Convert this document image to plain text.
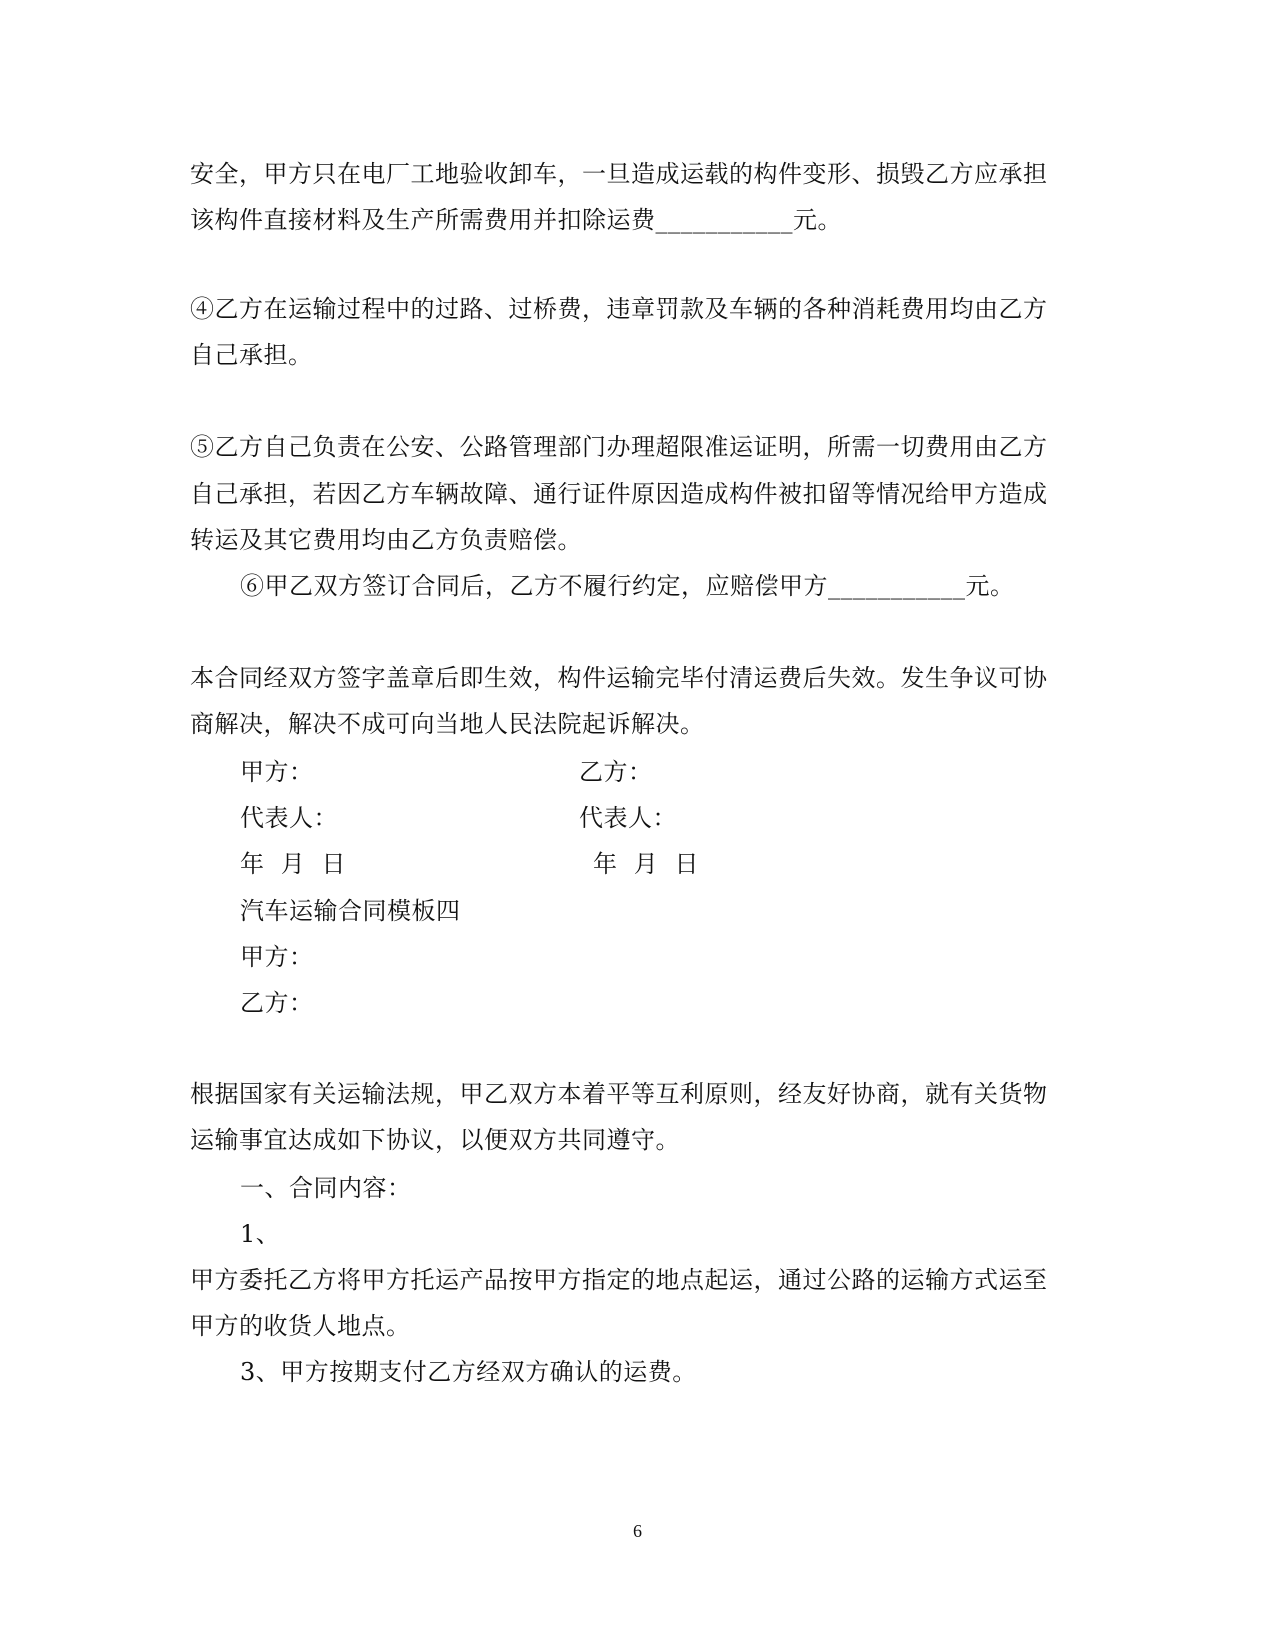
安全，甲方只在电厂工地验收卸车，一旦造成运载的构件变形、损毁乙方应承担
该构件直接材料及生产所需费用并扣除运费___________元。
④乙方在运输过程中的过路、过桥费，违章罚款及车辆的各种消耗费用均由乙方
自己承担。
⑤乙方自己负责在公安、公路管理部门办理超限准运证明，所需一切费用由乙方
自己承担，若因乙方车辆故障、通行证件原因造成构件被扣留等情况给甲方造成
转运及其它费用均由乙方负责赔偿。
⑥甲乙双方签订合同后，乙方不履行约定，应赔偿甲方___________元。
本合同经双方签字盖章后即生效，构件运输完毕付清运费后失效。发生争议可协
商解决，解决不成可向当地人民法院起诉解决。
甲方：	乙方：
代表人：	代表人：
年  月  日	年  月  日
汽车运输合同模板四
甲方：
乙方：
根据国家有关运输法规，甲乙双方本着平等互利原则，经友好协商，就有关货物
运输事宜达成如下协议，以便双方共同遵守。
一、合同内容：
1、
甲方委托乙方将甲方托运产品按甲方指定的地点起运，通过公路的运输方式运至
甲方的收货人地点。
3、甲方按期支付乙方经双方确认的运费。
6
